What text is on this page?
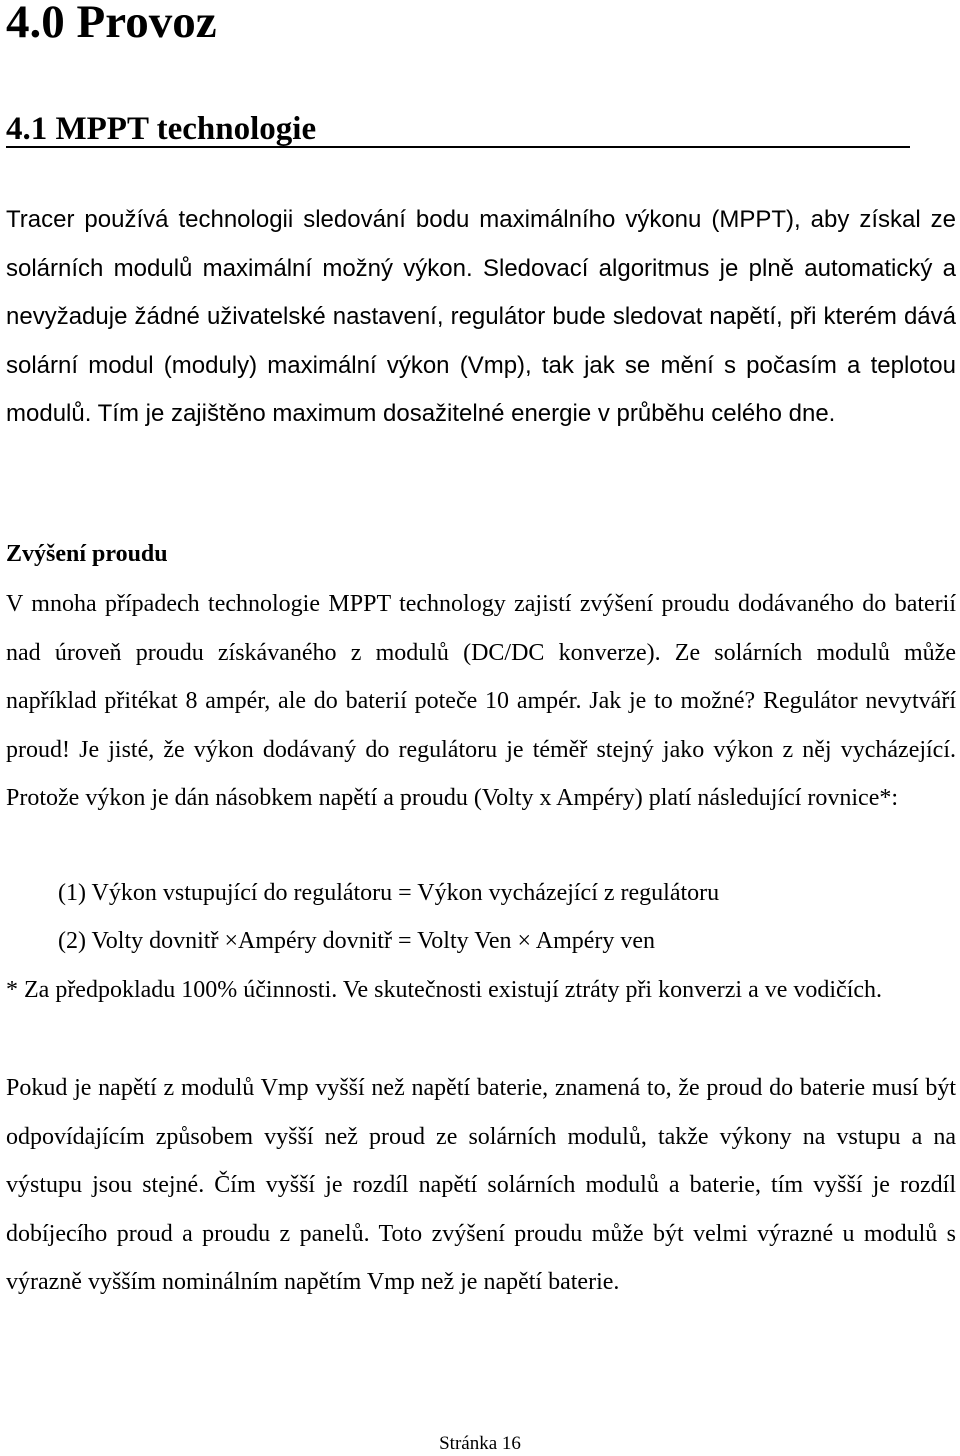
4.0 Provoz
4.1 MPPT technologie

Tracer používá technologii sledování bodu maximálního výkonu (MPPT), aby získal ze solárních modulů maximální možný výkon. Sledovací algoritmus je plně automatický a nevyžaduje žádné uživatelské nastavení, regulátor bude sledovat napětí, při kterém dává solární modul (moduly) maximální výkon (Vmp), tak jak se mění s počasím a teplotou modulů. Tím je zajištěno maximum dosažitelné energie v průběhu celého dne.

Zvýšení proudu

V mnoha případech technologie MPPT technology zajistí zvýšení proudu dodávaného do baterií nad úroveň proudu získávaného z modulů (DC/DC konverze). Ze solárních modulů může například přitékat 8 ampér, ale do baterií poteče 10 ampér. Jak je to možné? Regulátor nevytváří proud! Je jisté, že výkon dodávaný do regulátoru je téměř stejný jako výkon z něj vycházející. Protože výkon je dán násobkem napětí a proudu (Volty x Ampéry) platí následující rovnice*:

(1) Výkon vstupující do regulátoru = Výkon vycházející z regulátoru

(2) Volty dovnitř ×Ampéry dovnitř = Volty Ven × Ampéry ven

* Za předpokladu 100% účinnosti. Ve skutečnosti existují ztráty při konverzi a ve vodičích.

Pokud je napětí z modulů Vmp vyšší než napětí baterie, znamená to, že proud do baterie musí být odpovídajícím způsobem vyšší než proud ze solárních modulů, takže výkony na vstupu a na výstupu jsou stejné. Čím vyšší je rozdíl napětí solárních modulů a baterie, tím vyšší je rozdíl dobíjecího proud a proudu z panelů. Toto zvýšení proudu může být velmi výrazné u modulů s výrazně vyšším nominálním napětím Vmp než je napětí baterie.

Stránka 16
